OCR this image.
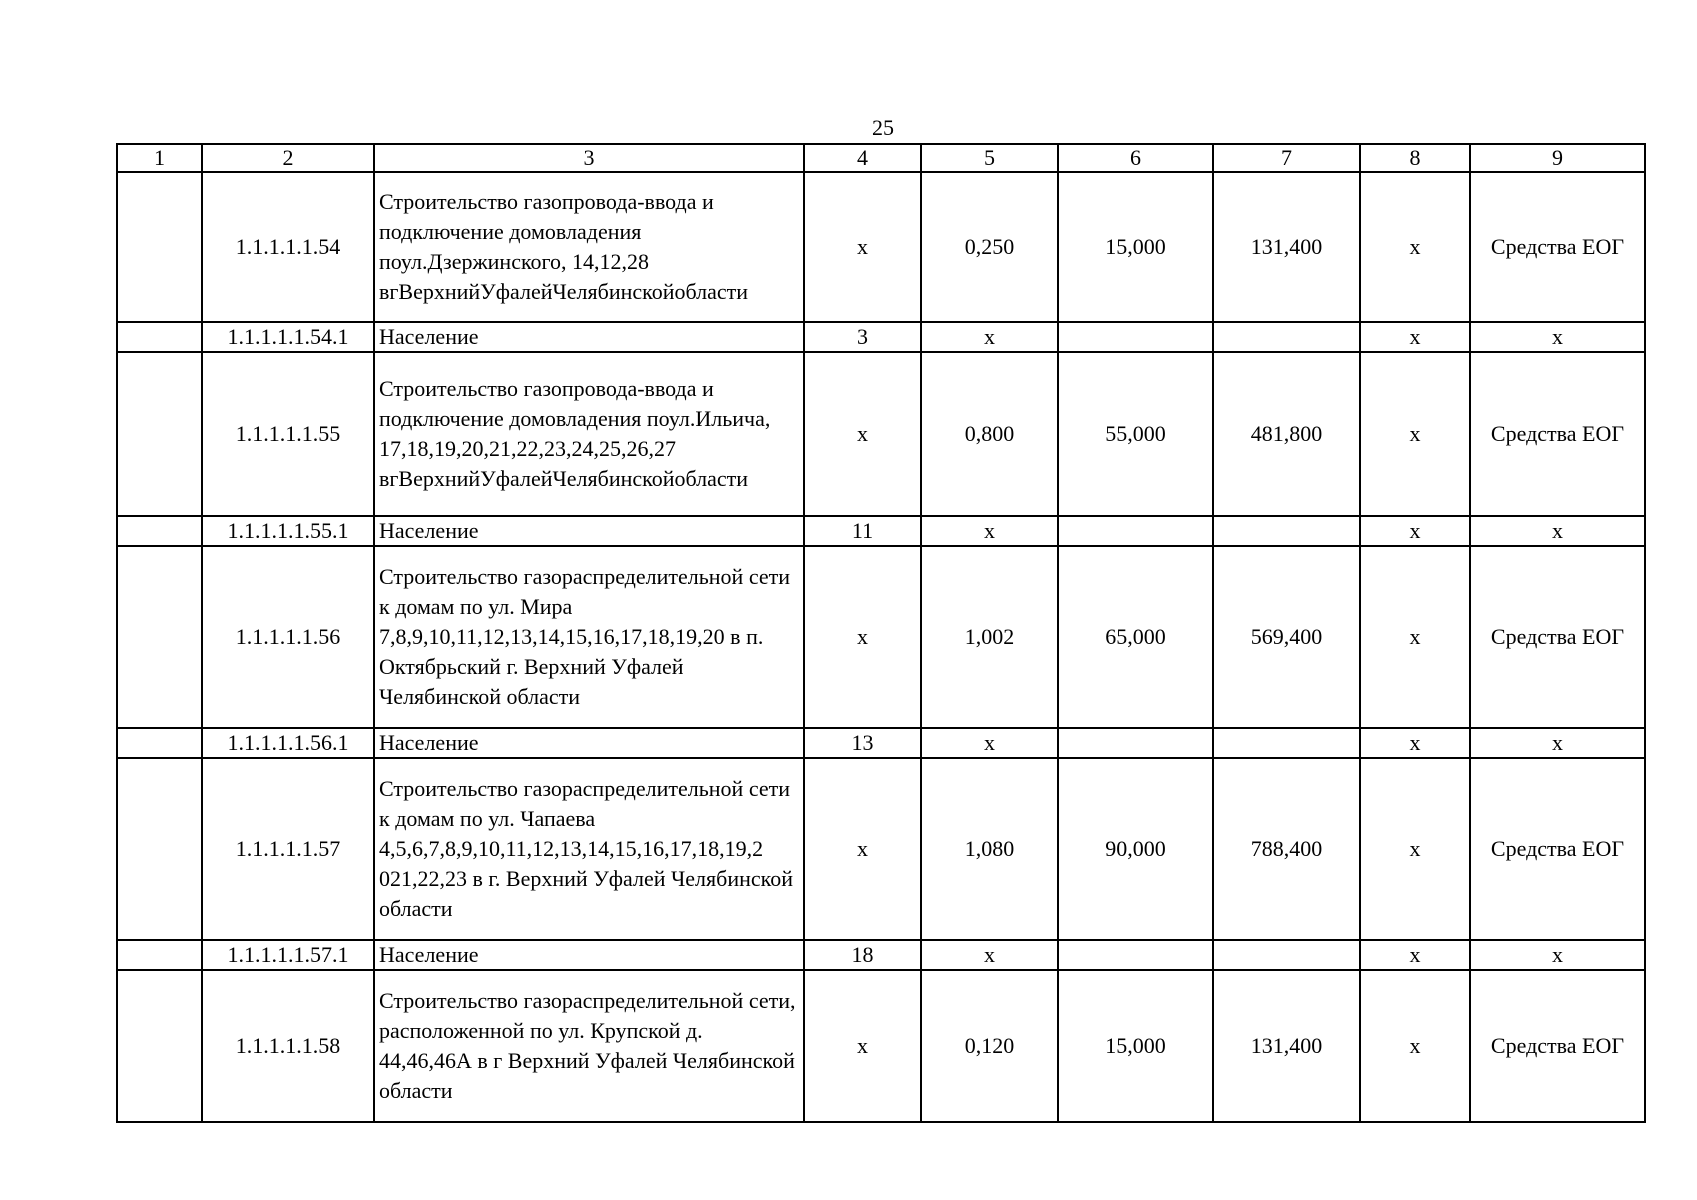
25
1	2	3	4	5	6	7	8	9
	1.1.1.1.1.54	Строительство газопровода-ввода и подключение домовладения поул.Дзержинского, 14,12,28 вгВерхнийУфалейЧелябинскойобласти	x	0,250	15,000	131,400	x	Средства ЕОГ
	1.1.1.1.1.54.1	Население	3	x			x	x
	1.1.1.1.1.55	Строительство газопровода-ввода и подключение домовладения поул.Ильича, 17,18,19,20,21,22,23,24,25,26,27 вгВерхнийУфалейЧелябинскойобласти	x	0,800	55,000	481,800	x	Средства ЕОГ
	1.1.1.1.1.55.1	Население	11	x			x	x
	1.1.1.1.1.56	Строительство газораспределительной сети к домам по ул. Мира 7,8,9,10,11,12,13,14,15,16,17,18,19,20 в п. Октябрьский г. Верхний Уфалей Челябинской области	x	1,002	65,000	569,400	x	Средства ЕОГ
	1.1.1.1.1.56.1	Население	13	x			x	x
	1.1.1.1.1.57	Строительство газораспределительной сети к домам по ул. Чапаева 4,5,6,7,8,9,10,11,12,13,14,15,16,17,18,19,2 021,22,23 в г. Верхний Уфалей Челябинской области	x	1,080	90,000	788,400	x	Средства ЕОГ
	1.1.1.1.1.57.1	Население	18	x			x	x
	1.1.1.1.1.58	Строительство газораспределительной сети, расположенной по ул. Крупской д. 44,46,46А в г Верхний Уфалей Челябинской области	x	0,120	15,000	131,400	x	Средства ЕОГ
